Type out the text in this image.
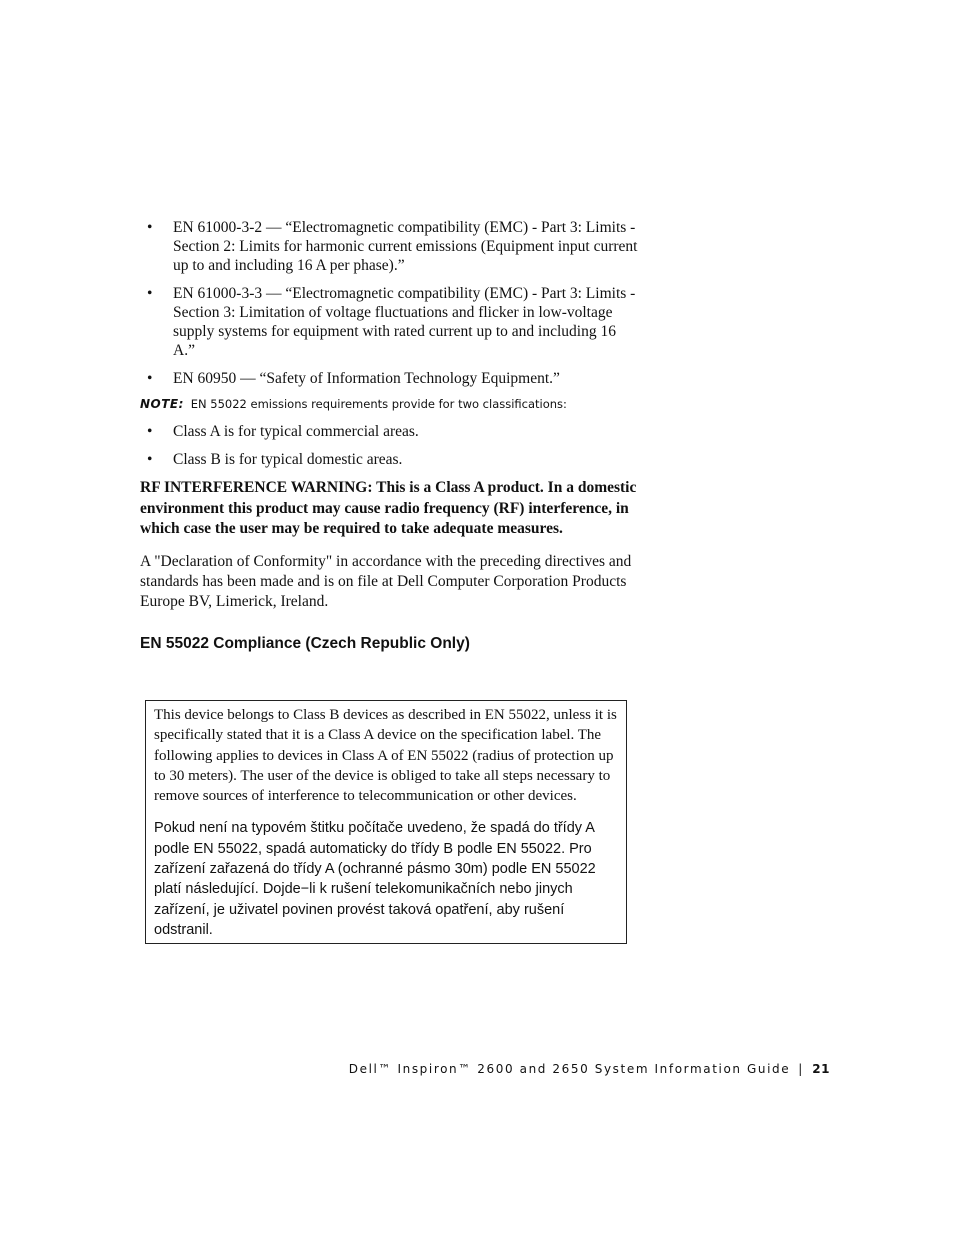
• EN 61000-3-2 — “Electromagnetic compatibility (EMC) - Part 3: Limits - Section 2: Limits for harmonic current emissions (Equipment input current up to and including 16 A per phase).”
• EN 61000-3-3 — “Electromagnetic compatibility (EMC) - Part 3: Limits - Section 3: Limitation of voltage fluctuations and flicker in low-voltage supply systems for equipment with rated current up to and including 16 A.”
• EN 60950 — “Safety of Information Technology Equipment.”

NOTE: EN 55022 emissions requirements provide for two classifications:

• Class A is for typical commercial areas.
• Class B is for typical domestic areas.

RF INTERFERENCE WARNING: This is a Class A product. In a domestic environment this product may cause radio frequency (RF) interference, in which case the user may be required to take adequate measures.

A "Declaration of Conformity" in accordance with the preceding directives and standards has been made and is on file at Dell Computer Corporation Products Europe BV, Limerick, Ireland.

EN 55022 Compliance (Czech Republic Only)

This device belongs to Class B devices as described in EN 55022, unless it is specifically stated that it is a Class A device on the specification label. The following applies to devices in Class A of EN 55022 (radius of protection up to 30 meters). The user of the device is obliged to take all steps necessary to remove sources of interference to telecommunication or other devices.

Pokud není na typovém štitku počítače uvedeno, že spadá do třídy A podle EN 55022, spadá automaticky do třídy B podle EN 55022. Pro zařízení zařazená do třídy A (ochranné pásmo 30m) podle EN 55022 platí následující. Dojde−li k rušení telekomunikačních nebo jinych zařízení, je uživatel povinen provést taková opatření, aby rušení odstranil.

Dell™ Inspiron™ 2600 and 2650 System Information Guide | 21
